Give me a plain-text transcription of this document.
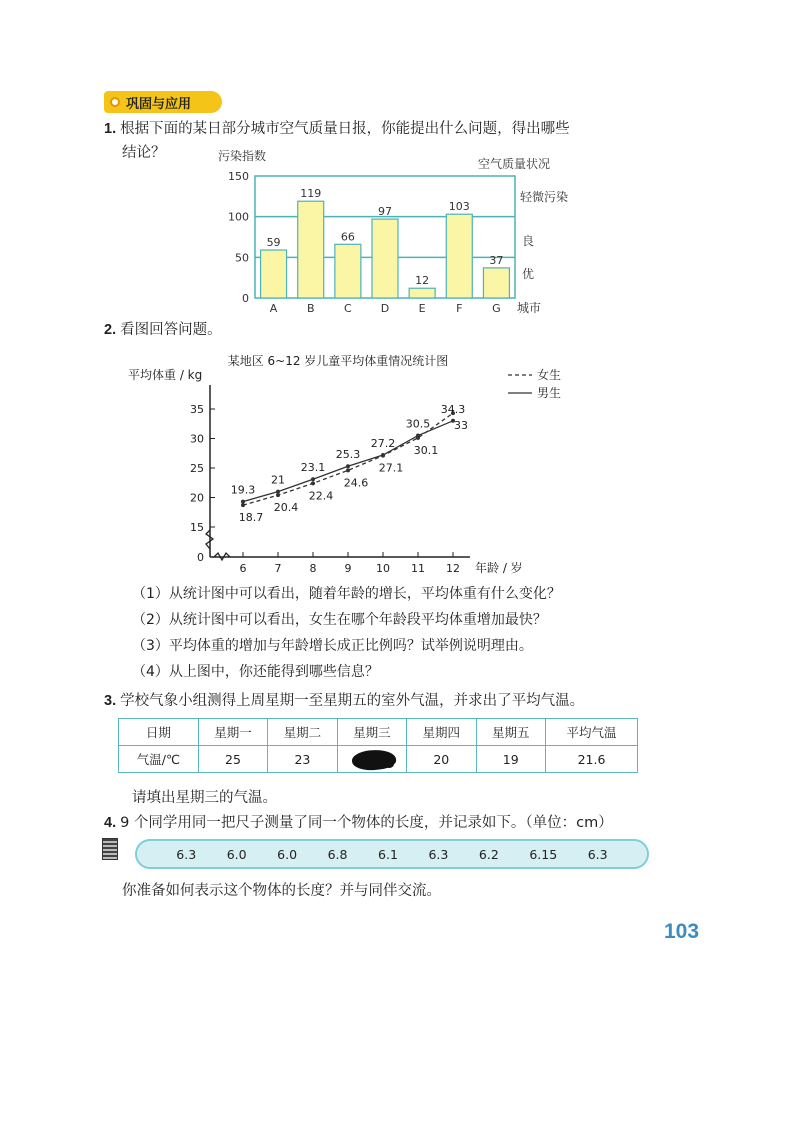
巩固与应用
1. 根据下面的某日部分城市空气质量日报，你能提出什么问题，得出哪些
结论？
0
50
100
150
污染指数
59
A
119
B
66
C
97
D
12
E
103
F
37
G 城市
空气质量状况
轻微污染
良
优
2. 看图回答问题。
某地区 6~12 岁儿童平均体重情况统计图
平均体重 / kg
0
15
20
25
30
35
6	7	8	9 10 11 12 年龄 / 岁
19.3
21
23.1
25.3
27.2
30.5
34.3
18.7
20.4
22.4
24.6
27.1
30.1
33
女生
男生
（1）从统计图中可以看出，随着年龄的增长，平均体重有什么变化？
（2）从统计图中可以看出，女生在哪个年龄段平均体重增加最快？
（3）平均体重的增加与年龄增长成正比例吗？试举例说明理由。
（4）从上图中，你还能得到哪些信息？
3. 学校气象小组测得上周星期一至星期五的室外气温，并求出了平均气温。
日期	星期一	星期二	星期三	星期四	星期五	平均气温
气温/℃	25	23		20	19	21.6
请填出星期三的气温。
4. 9 个同学用同一把尺子测量了同一个物体的长度，并记录如下。（单位：cm）
6.3 6.0 6.0 6.8 6.1 6.3 6.2 6.15 6.3
你准备如何表示这个物体的长度？并与同伴交流。
103
